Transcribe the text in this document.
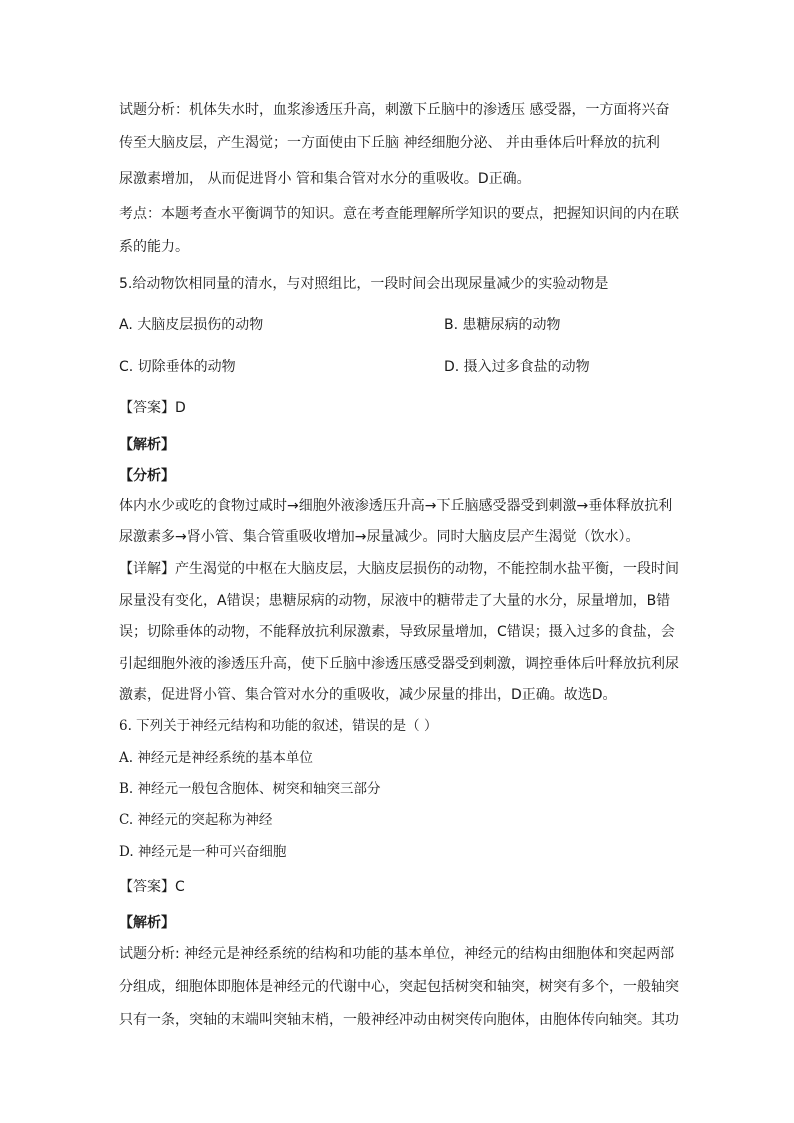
试题分析：机体失水时，血浆渗透压升高，刺激下丘脑中的渗透压 感受器，一方面将兴奋
传至大脑皮层，产生渴觉；一方面使由下丘脑 神经细胞分泌、 并由垂体后叶释放的抗利
尿激素增加， 从而促进肾小 管和集合管对水分的重吸收。D正确。
考点：本题考查水平衡调节的知识。意在考查能理解所学知识的要点，把握知识间的内在联
系的能力。
5.给动物饮相同量的清水，与对照组比，一段时间会出现尿量减少的实验动物是
A. 大脑皮层损伤的动物	B. 患糖尿病的动物
C. 切除垂体的动物	D. 摄入过多食盐的动物
【答案】D
【解析】
【分析】
体内水少或吃的食物过咸时→细胞外液渗透压升高→下丘脑感受器受到刺激→垂体释放抗利
尿激素多→肾小管、集合管重吸收增加→尿量减少。同时大脑皮层产生渴觉（饮水）。
【详解】产生渴觉的中枢在大脑皮层，大脑皮层损伤的动物，不能控制水盐平衡，一段时间
尿量没有变化，A错误；患糖尿病的动物，尿液中的糖带走了大量的水分，尿量增加，B错
误；切除垂体的动物，不能释放抗利尿激素，导致尿量增加，C错误；摄入过多的食盐，会
引起细胞外液的渗透压升高，使下丘脑中渗透压感受器受到刺激，调控垂体后叶释放抗利尿
激素，促进肾小管、集合管对水分的重吸收，减少尿量的排出，D正确。故选D。
6. 下列关于神经元结构和功能的叙述，错误的是（ ）
A. 神经元是神经系统的基本单位
B. 神经元一般包含胞体、树突和轴突三部分
C. 神经元的突起称为神经
D. 神经元是一种可兴奋细胞
【答案】C
【解析】
试题分析: 神经元是神经系统的结构和功能的基本单位，神经元的结构由细胞体和突起两部
分组成，细胞体即胞体是神经元的代谢中心，突起包括树突和轴突，树突有多个，一般轴突
只有一条，突轴的末端叫突轴末梢，一般神经冲动由树突传向胞体，由胞体传向轴突。其功
